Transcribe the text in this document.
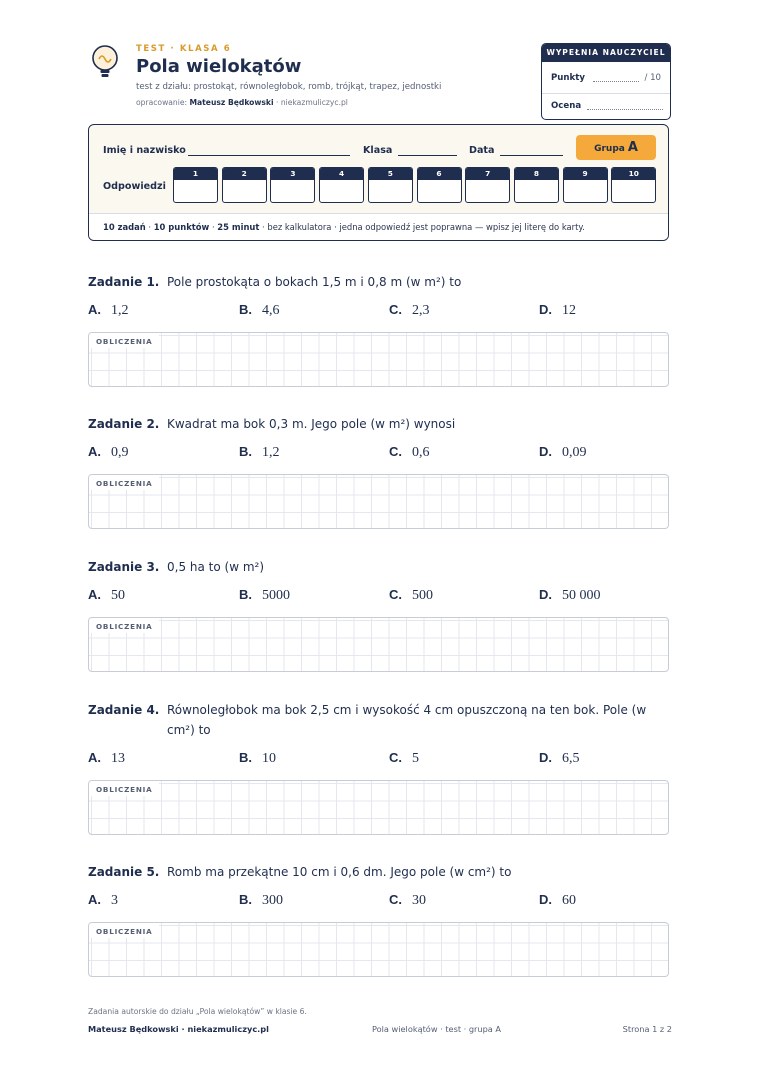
TEST · KLASA 6
Pola wielokątów
test z działu: prostokąt, równoległobok, romb, trójkąt, trapez, jednostki
opracowanie: Mateusz Będkowski · niekazmuliczyc.pl
WYPEŁNIA NAUCZYCIEL
Punkty	/ 10
Ocena
Imię i nazwisko	Klasa	Data	Grupa A
Odpowiedzi
1	2	3	4	5	6	7	8	9	10
10 zadań · 10 punktów · 25 minut · bez kalkulatora · jedna odpowiedź jest poprawna — wpisz jej literę do karty.
Zadanie 1. Pole prostokąta o bokach 1,5 m i 0,8 m (w m²) to
A. 1,2	B. 4,6	C. 2,3	D. 12
OBLICZENIA
Zadanie 2. Kwadrat ma bok 0,3 m. Jego pole (w m²) wynosi
A. 0,9	B. 1,2	C. 0,6	D. 0,09
OBLICZENIA
Zadanie 3. 0,5 ha to (w m²)
A. 50	B. 5000	C. 500	D. 50 000
OBLICZENIA
Zadanie 4. Równoległobok ma bok 2,5 cm i wysokość 4 cm opuszczoną na ten bok. Pole (w cm²) to
A. 13	B. 10	C. 5	D. 6,5
OBLICZENIA
Zadanie 5. Romb ma przekątne 10 cm i 0,6 dm. Jego pole (w cm²) to
A. 3	B. 300	C. 30	D. 60
OBLICZENIA
Zadania autorskie do działu „Pola wielokątów” w klasie 6.
Mateusz Będkowski · niekazmuliczyc.pl	Pola wielokątów · test · grupa A	Strona 1 z 2
